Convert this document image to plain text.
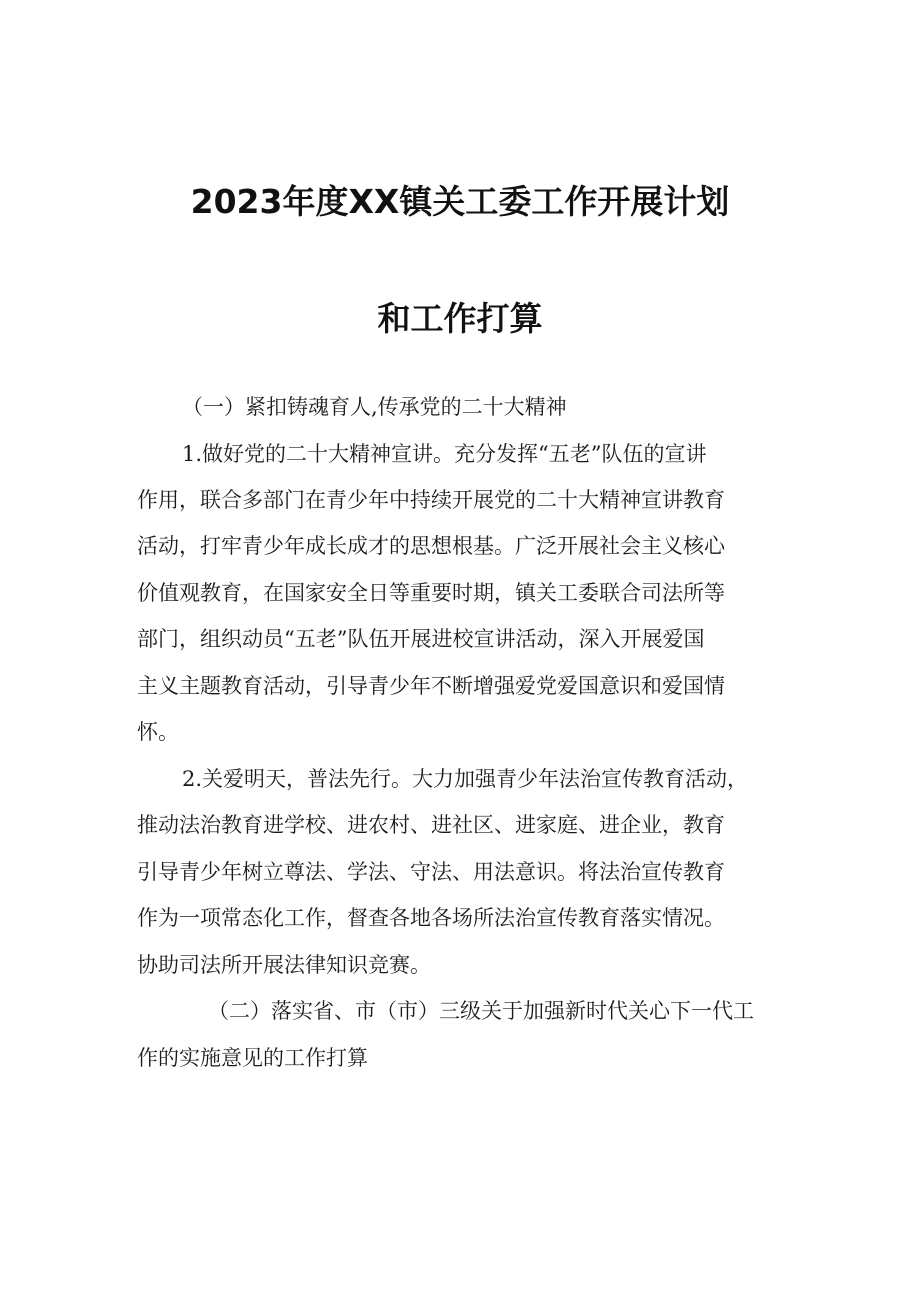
2023年度XX镇关工委工作开展计划
和工作打算

（一）紧扣铸魂育人,传承党的二十大精神

1.做好党的二十大精神宣讲。充分发挥“五老”队伍的宣讲

作用，联合多部门在青少年中持续开展党的二十大精神宣讲教育

活动，打牢青少年成长成才的思想根基。广泛开展社会主义核心

价值观教育，在国家安全日等重要时期，镇关工委联合司法所等

部门，组织动员“五老”队伍开展进校宣讲活动，深入开展爱国

主义主题教育活动，引导青少年不断增强爱党爱国意识和爱国情

怀。

2.关爱明天，普法先行。大力加强青少年法治宣传教育活动，

推动法治教育进学校、进农村、进社区、进家庭、进企业，教育

引导青少年树立尊法、学法、守法、用法意识。将法治宣传教育

作为一项常态化工作，督查各地各场所法治宣传教育落实情况。

协助司法所开展法律知识竞赛。

（二）落实省、市（市）三级关于加强新时代关心下一代工

作的实施意见的工作打算
